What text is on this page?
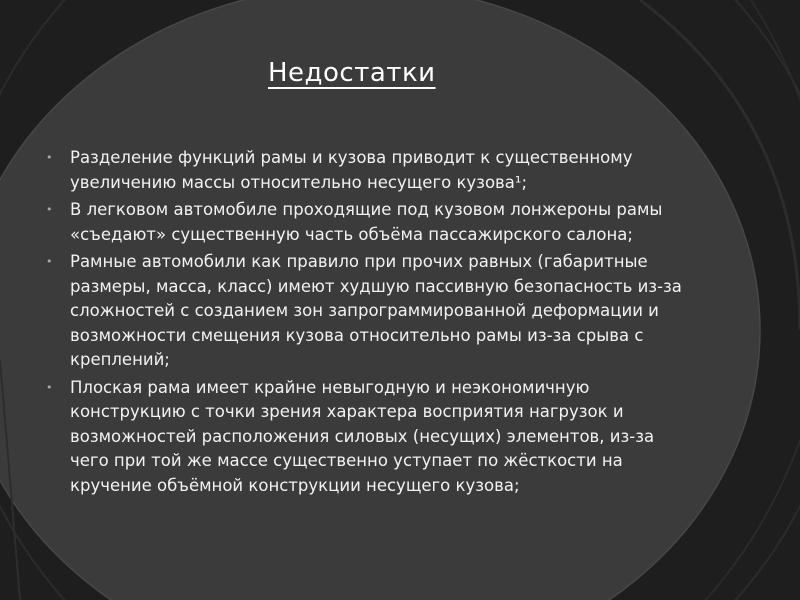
Недостатки
• Разделение функций рамы и кузова приводит к существенному увеличению массы относительно несущего кузова¹;
• В легковом автомобиле проходящие под кузовом лонжероны рамы «съедают» существенную часть объёма пассажирского салона;
• Рамные автомобили как правило при прочих равных (габаритные размеры, масса, класс) имеют худшую пассивную безопасность из-за сложностей с созданием зон запрограммированной деформации и возможности смещения кузова относительно рамы из-за срыва с креплений;
• Плоская рама имеет крайне невыгодную и неэкономичную конструкцию с точки зрения характера восприятия нагрузок и возможностей расположения силовых (несущих) элементов, из-за чего при той же массе существенно уступает по жёсткости на кручение объёмной конструкции несущего кузова;
